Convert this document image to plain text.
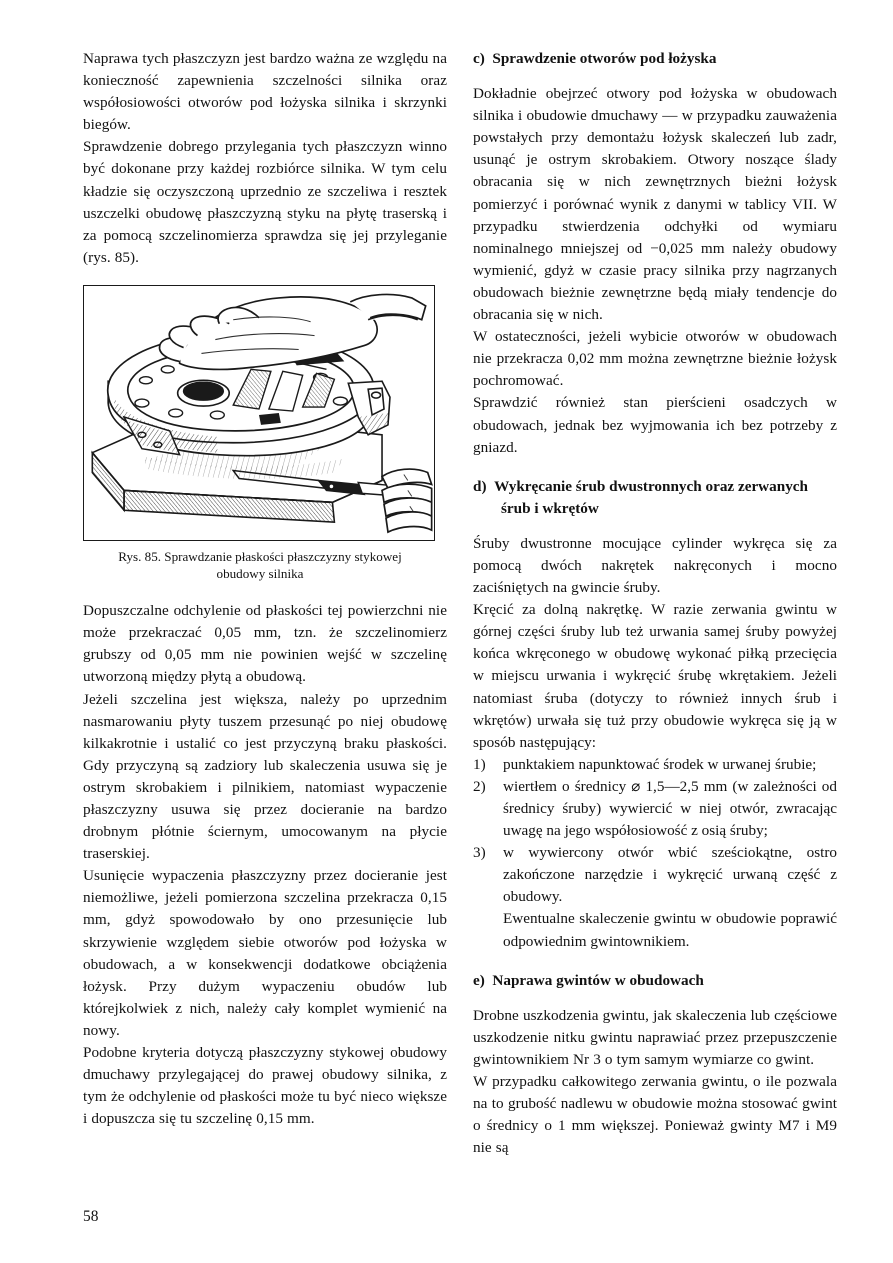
Naprawa tych płaszczyzn jest bardzo ważna ze względu na konieczność zapewnienia szczelności silnika oraz współosiowości otworów pod łożyska silnika i skrzynki biegów.

Sprawdzenie dobrego przylegania tych płaszczyzn winno być dokonane przy każdej rozbiórce silnika. W tym celu kładzie się oczyszczoną uprzednio ze szczeliwa i resztek uszczelki obudowę płaszczyzną styku na płytę traserską i za pomocą szczelinomierza sprawdza się jej przyleganie (rys. 85).

Rys. 85. Sprawdzanie płaskości płaszczyzny stykowej
obudowy silnika

Dopuszczalne odchylenie od płaskości tej powierzchni nie może przekraczać 0,05 mm, tzn. że szczelinomierz grubszy od 0,05 mm nie powinien wejść w szczelinę utworzoną między płytą a obudową.

Jeżeli szczelina jest większa, należy po uprzednim nasmarowaniu płyty tuszem przesunąć po niej obudowę kilkakrotnie i ustalić co jest przyczyną braku płaskości. Gdy przyczyną są zadziory lub skaleczenia usuwa się je ostrym skrobakiem i pilnikiem, natomiast wypaczenie płaszczyzny usuwa się przez docieranie na bardzo drobnym płótnie ściernym, umocowanym na płycie traserskiej.

Usunięcie wypaczenia płaszczyzny przez docieranie jest niemożliwe, jeżeli pomierzona szczelina przekracza 0,15 mm, gdyż spowodowało by ono przesunięcie lub skrzywienie względem siebie otworów pod łożyska w obudowach, a w konsekwencji dodatkowe obciążenia łożysk. Przy dużym wypaczeniu obudów lub którejkolwiek z nich, należy cały komplet wymienić na nowy.

Podobne kryteria dotyczą płaszczyzny stykowej obudowy dmuchawy przylegającej do prawej obudowy silnika, z tym że odchylenie od płaskości może tu być nieco większe i dopuszcza się tu szczelinę 0,15 mm.

c) Sprawdzenie otworów pod łożyska

Dokładnie obejrzeć otwory pod łożyska w obudowach silnika i obudowie dmuchawy — w przypadku zauważenia powstałych przy demontażu łożysk skaleczeń lub zadr, usunąć je ostrym skrobakiem. Otwory noszące ślady obracania się w nich zewnętrznych bieżni łożysk pomierzyć i porównać wynik z danymi w tablicy VII. W przypadku stwierdzenia odchyłki od wymiaru nominalnego mniejszej od −0,025 mm należy obudowy wymienić, gdyż w czasie pracy silnika przy nagrzanych obudowach bieżnie zewnętrzne będą miały tendencje do obracania się w nich.

W ostateczności, jeżeli wybicie otworów w obudowach nie przekracza 0,02 mm można zewnętrzne bieżnie łożysk pochromować.

Sprawdzić również stan pierścieni osadczych w obudowach, jednak bez wyjmowania ich bez potrzeby z gniazd.

d) Wykręcanie śrub dwustronnych oraz zerwanych śrub i wkrętów

Śruby dwustronne mocujące cylinder wykręca się za pomocą dwóch nakrętek nakręconych i mocno zaciśniętych na gwincie śruby.

Kręcić za dolną nakrętkę. W razie zerwania gwintu w górnej części śruby lub też urwania samej śruby powyżej końca wkręconego w obudowę wykonać piłką przecięcia w miejscu urwania i wykręcić śrubę wkrętakiem. Jeżeli natomiast śruba (dotyczy to również innych śrub i wkrętów) urwała się tuż przy obudowie wykręca się ją w sposób następujący:

1) punktakiem napunktować środek w urwanej śrubie;
2) wiertłem o średnicy ⌀ 1,5—2,5 mm (w zależności od średnicy śruby) wywiercić w niej otwór, zwracając uwagę na jego współosiowość z osią śruby;
3) w wywiercony otwór wbić sześciokątne, ostro zakończone narzędzie i wykręcić urwaną część z obudowy.

Ewentualne skaleczenie gwintu w obudowie poprawić odpowiednim gwintownikiem.

e) Naprawa gwintów w obudowach

Drobne uszkodzenia gwintu, jak skaleczenia lub częściowe uszkodzenie nitku gwintu naprawiać przez przepuszczenie gwintownikiem Nr 3 o tym samym wymiarze co gwint.

W przypadku całkowitego zerwania gwintu, o ile pozwala na to grubość nadlewu w obudowie można stosować gwint o średnicy o 1 mm większej. Ponieważ gwinty M7 i M9 nie są

58
